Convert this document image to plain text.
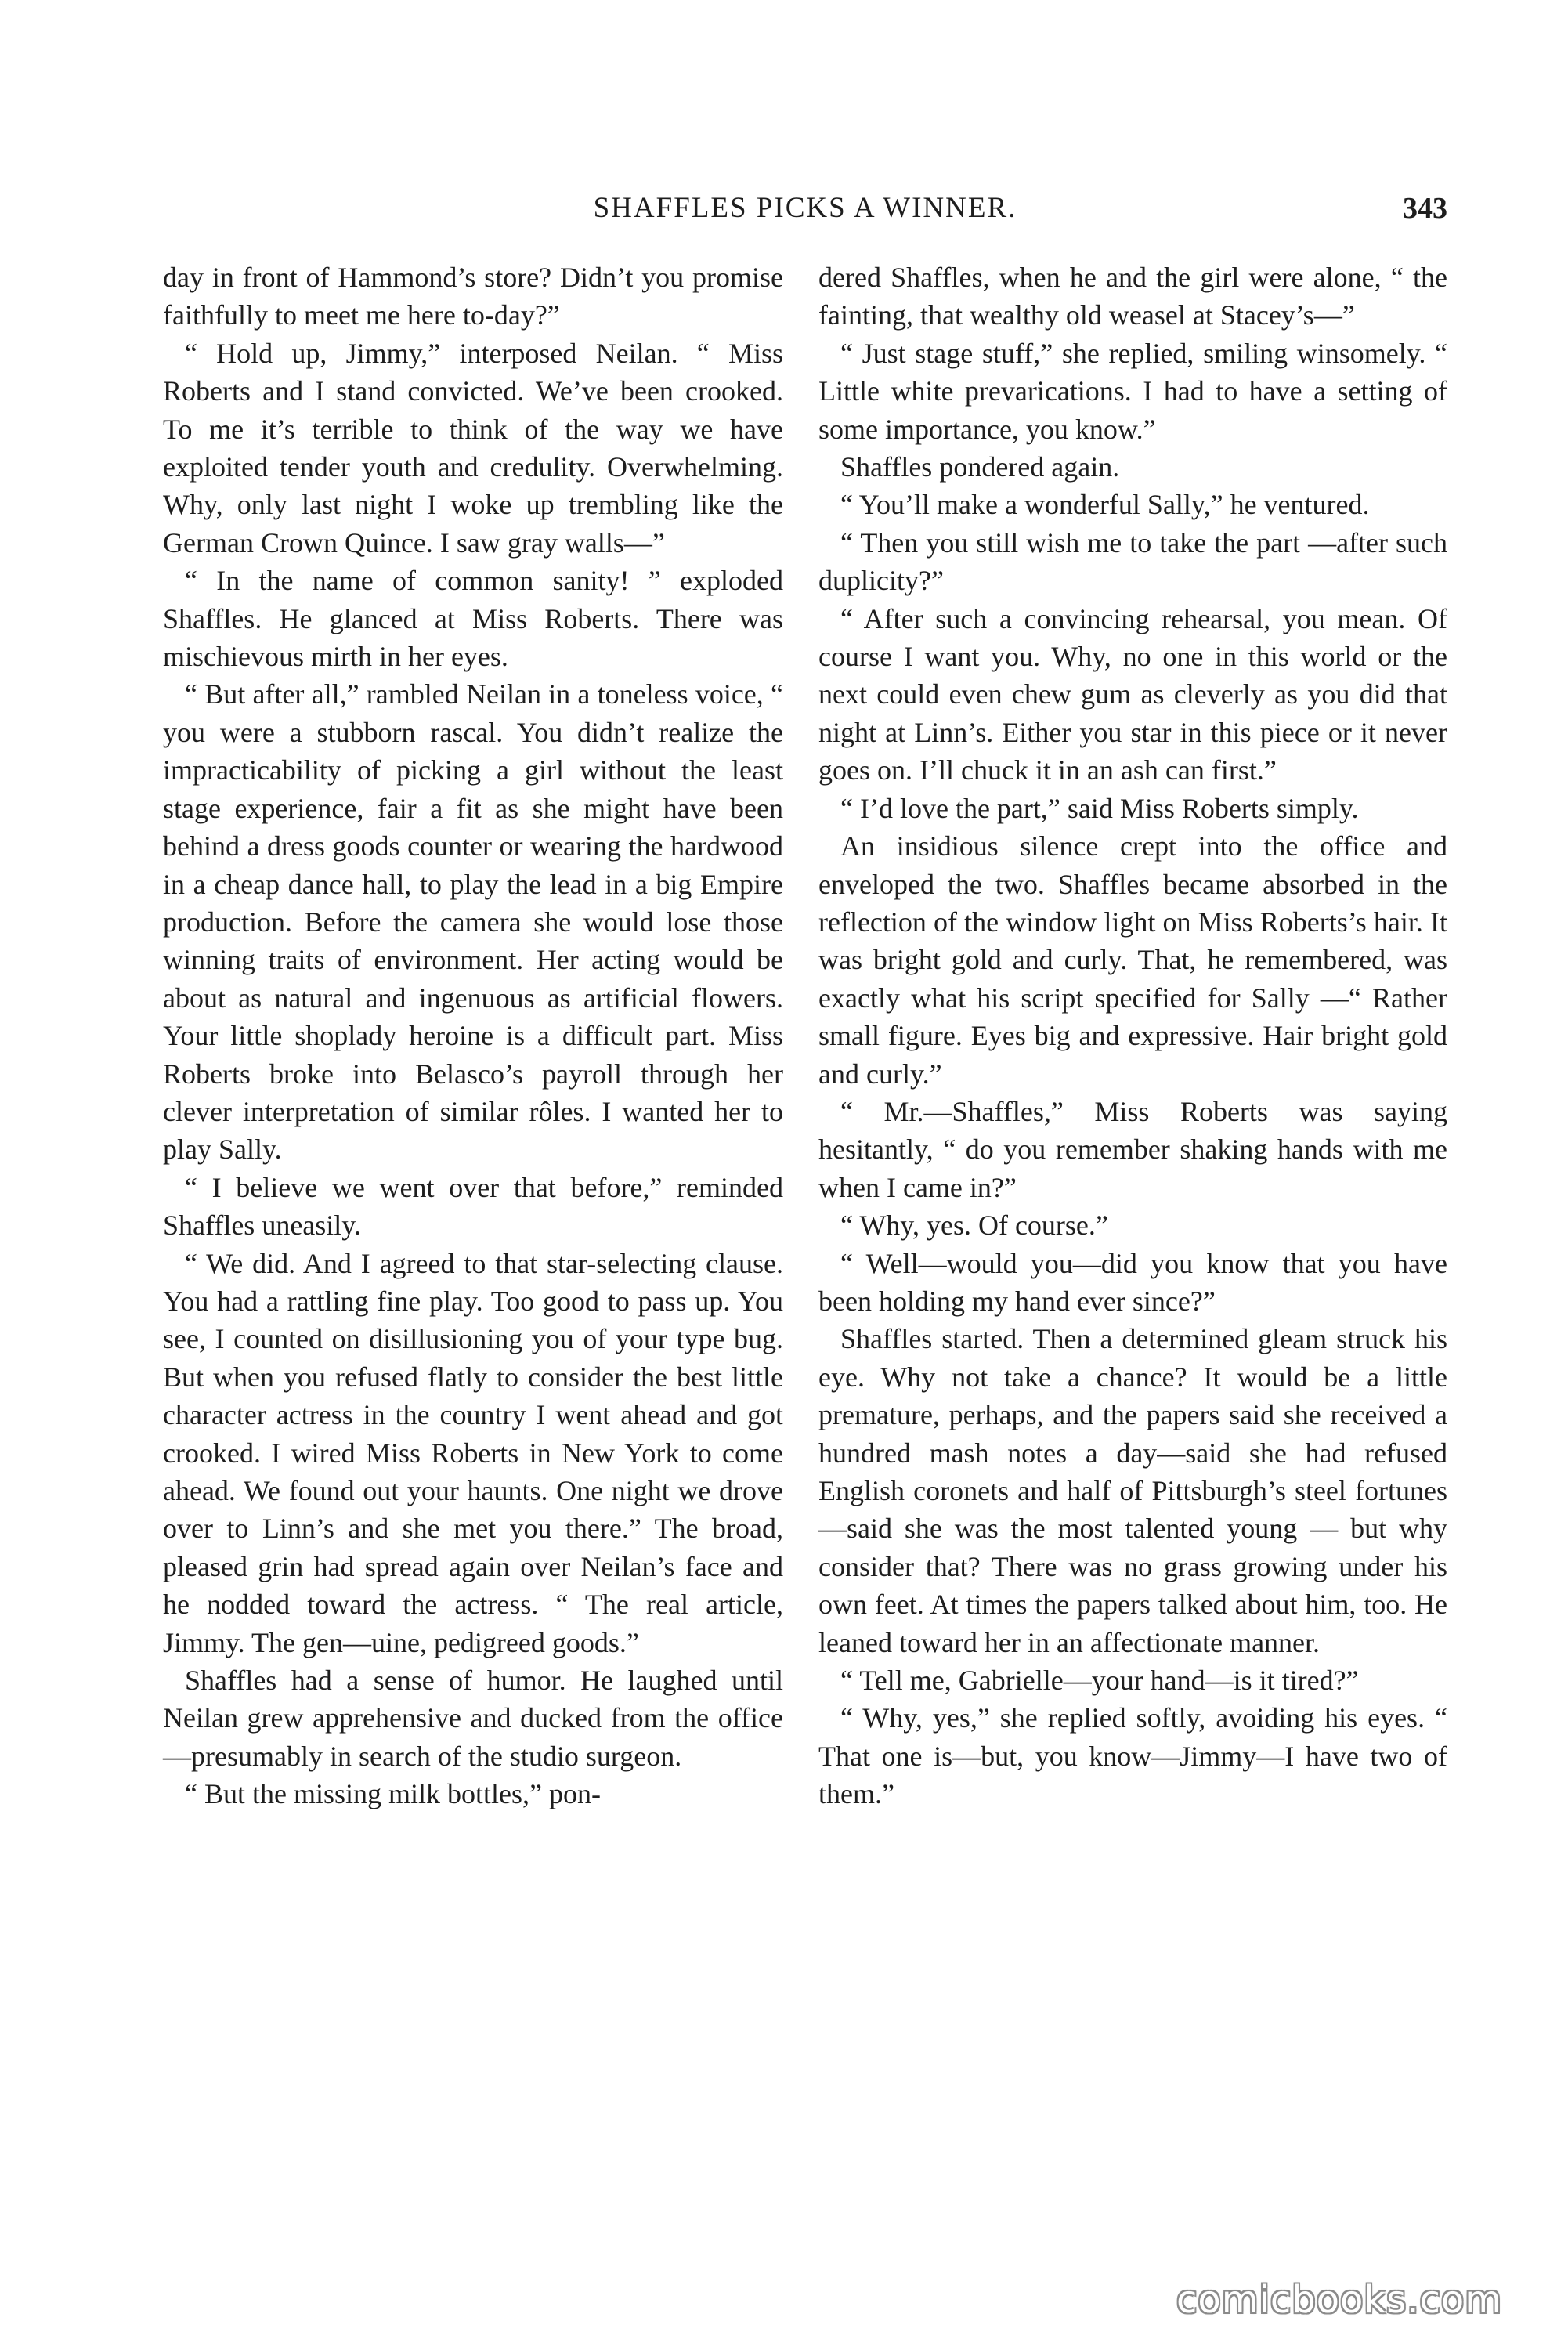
SHAFFLES PICKS A WINNER.	343

day in front of Hammond’s store? Didn’t you promise faithfully to meet me here to-day?”

“ Hold up, Jimmy,” interposed Neilan. “ Miss Roberts and I stand convicted. We’ve been crooked. To me it’s terrible to think of the way we have exploited tender youth and credulity. Overwhelming. Why, only last night I woke up trembling like the German Crown Quince. I saw gray walls—”

“ In the name of common sanity! ” exploded Shaffles. He glanced at Miss Roberts. There was mischievous mirth in her eyes.

“ But after all,” rambled Neilan in a toneless voice, “ you were a stubborn rascal. You didn’t realize the impracticability of picking a girl without the least stage experience, fair a fit as she might have been behind a dress goods counter or wearing the hardwood in a cheap dance hall, to play the lead in a big Empire production. Before the camera she would lose those winning traits of environment. Her acting would be about as natural and ingenuous as artificial flowers. Your little shoplady heroine is a difficult part. Miss Roberts broke into Belasco’s payroll through her clever interpretation of similar rôles. I wanted her to play Sally.

“ I believe we went over that before,” reminded Shaffles uneasily.

“ We did. And I agreed to that star-selecting clause. You had a rattling fine play. Too good to pass up. You see, I counted on disillusioning you of your type bug. But when you refused flatly to consider the best little character actress in the country I went ahead and got crooked. I wired Miss Roberts in New York to come ahead. We found out your haunts. One night we drove over to Linn’s and she met you there.” The broad, pleased grin had spread again over Neilan’s face and he nodded toward the actress. “ The real article, Jimmy. The gen—uine, pedigreed goods.”

Shaffles had a sense of humor. He laughed until Neilan grew apprehensive and ducked from the office—presumably in search of the studio surgeon.

“ But the missing milk bottles,” pon-

dered Shaffles, when he and the girl were alone, “ the fainting, that wealthy old weasel at Stacey’s—”

“ Just stage stuff,” she replied, smiling winsomely. “ Little white prevarications. I had to have a setting of some importance, you know.”

Shaffles pondered again.

“ You’ll make a wonderful Sally,” he ventured.

“ Then you still wish me to take the part —after such duplicity?”

“ After such a convincing rehearsal, you mean. Of course I want you. Why, no one in this world or the next could even chew gum as cleverly as you did that night at Linn’s. Either you star in this piece or it never goes on. I’ll chuck it in an ash can first.”

“ I’d love the part,” said Miss Roberts simply.

An insidious silence crept into the office and enveloped the two. Shaffles became absorbed in the reflection of the window light on Miss Roberts’s hair. It was bright gold and curly. That, he remembered, was exactly what his script specified for Sally —“ Rather small figure. Eyes big and expressive. Hair bright gold and curly.”

“ Mr.—Shaffles,” Miss Roberts was saying hesitantly, “ do you remember shaking hands with me when I came in?”

“ Why, yes. Of course.”

“ Well—would you—did you know that you have been holding my hand ever since?”

Shaffles started. Then a determined gleam struck his eye. Why not take a chance? It would be a little premature, perhaps, and the papers said she received a hundred mash notes a day—said she had refused English coronets and half of Pittsburgh’s steel fortunes—said she was the most talented young — but why consider that? There was no grass growing under his own feet. At times the papers talked about him, too. He leaned toward her in an affectionate manner.

“ Tell me, Gabrielle—your hand—is it tired?”

“ Why, yes,” she replied softly, avoiding his eyes. “ That one is—but, you know—Jimmy—I have two of them.”

comicbooks.com
